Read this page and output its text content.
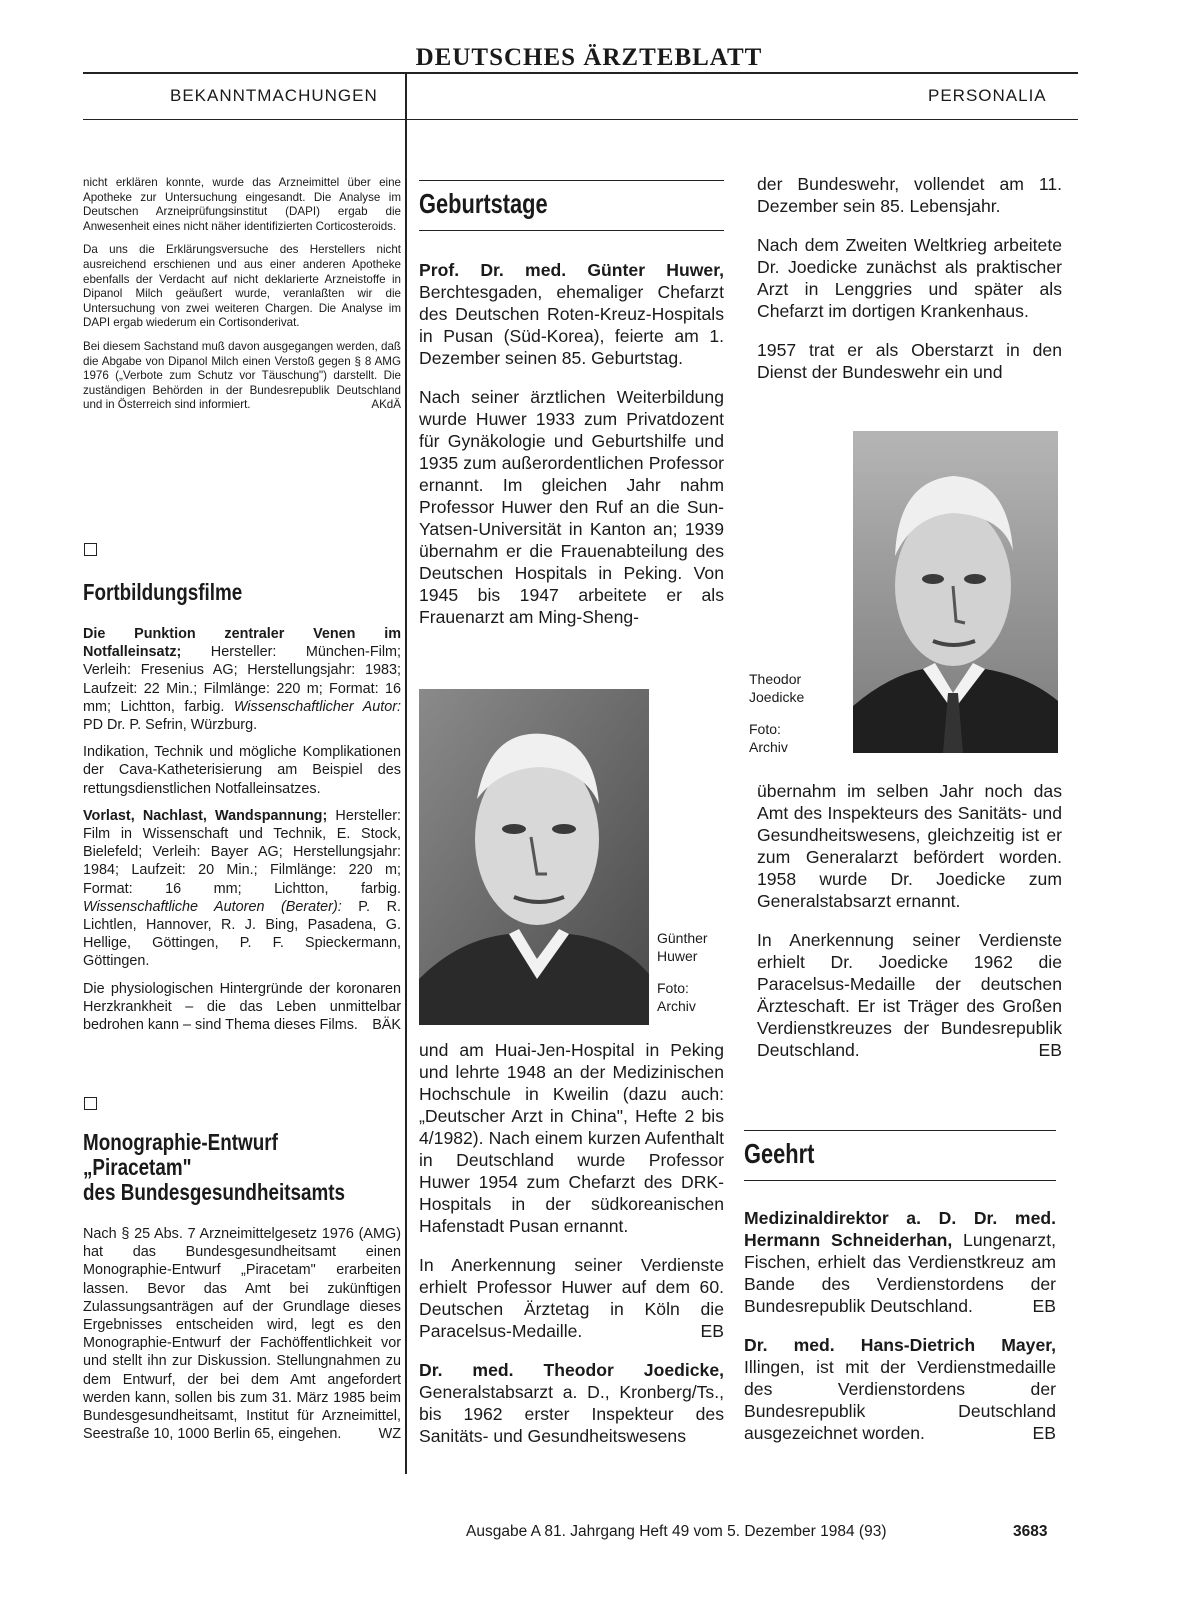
DEUTSCHES ÄRZTEBLATT
BEKANNTMACHUNGEN	PERSONALIA

nicht erklären konnte, wurde das Arzneimittel über eine Apotheke zur Untersuchung eingesandt. Die Analyse im Deutschen Arzneiprüfungsinstitut (DAPI) ergab die Anwesenheit eines nicht näher identifizierten Corticosteroids.

Da uns die Erklärungsversuche des Herstellers nicht ausreichend erschienen und aus einer anderen Apotheke ebenfalls der Verdacht auf nicht deklarierte Arzneistoffe in Dipanol Milch geäußert wurde, veranlaßten wir die Untersuchung von zwei weiteren Chargen. Die Analyse im DAPI ergab wiederum ein Cortisonderivat.

Bei diesem Sachstand muß davon ausgegangen werden, daß die Abgabe von Dipanol Milch einen Verstoß gegen § 8 AMG 1976 („Verbote zum Schutz vor Täuschung") darstellt. Die zuständigen Behörden in der Bundesrepublik Deutschland und in Österreich sind informiert.	AKdÄ

Fortbildungsfilme

Die Punktion zentraler Venen im Notfalleinsatz; Hersteller: München-Film; Verleih: Fresenius AG; Herstellungsjahr: 1983; Laufzeit: 22 Min.; Filmlänge: 220 m; Format: 16 mm; Lichtton, farbig. Wissenschaftlicher Autor: PD Dr. P. Sefrin, Würzburg.

Indikation, Technik und mögliche Komplikationen der Cava-Katheterisierung am Beispiel des rettungsdienstlichen Notfalleinsatzes.

Vorlast, Nachlast, Wandspannung; Hersteller: Film in Wissenschaft und Technik, E. Stock, Bielefeld; Verleih: Bayer AG; Herstellungsjahr: 1984; Laufzeit: 20 Min.; Filmlänge: 220 m; Format: 16 mm; Lichtton, farbig. Wissenschaftliche Autoren (Berater): P. R. Lichtlen, Hannover, R. J. Bing, Pasadena, G. Hellige, Göttingen, P. F. Spieckermann, Göttingen.

Die physiologischen Hintergründe der koronaren Herzkrankheit – die das Leben unmittelbar bedrohen kann – sind Thema dieses Films. BÄK

Monographie-Entwurf
„Piracetam"
des Bundesgesundheitsamts

Nach § 25 Abs. 7 Arzneimittelgesetz 1976 (AMG) hat das Bundesgesundheitsamt einen Monographie-Entwurf „Piracetam" erarbeiten lassen. Bevor das Amt bei zukünftigen Zulassungsanträgen auf der Grundlage dieses Ergebnisses entscheiden wird, legt es den Monographie-Entwurf der Fachöffentlichkeit vor und stellt ihn zur Diskussion. Stellungnahmen zu dem Entwurf, der bei dem Amt angefordert werden kann, sollen bis zum 31. März 1985 beim Bundesgesundheitsamt, Institut für Arzneimittel, Seestraße 10, 1000 Berlin 65, eingehen.	WZ

Geburtstage

Prof. Dr. med. Günter Huwer, Berchtesgaden, ehemaliger Chefarzt des Deutschen Roten-Kreuz-Hospitals in Pusan (Süd-Korea), feierte am 1. Dezember seinen 85. Geburtstag.

Nach seiner ärztlichen Weiterbildung wurde Huwer 1933 zum Privatdozent für Gynäkologie und Geburtshilfe und 1935 zum außerordentlichen Professor ernannt. Im gleichen Jahr nahm Professor Huwer den Ruf an die Sun-Yatsen-Universität in Kanton an; 1939 übernahm er die Frauenabteilung des Deutschen Hospitals in Peking. Von 1945 bis 1947 arbeitete er als Frauenarzt am Ming-Sheng-

Günther
Huwer
Foto:
Archiv

und am Huai-Jen-Hospital in Peking und lehrte 1948 an der Medizinischen Hochschule in Kweilin (dazu auch: „Deutscher Arzt in China", Hefte 2 bis 4/1982). Nach einem kurzen Aufenthalt in Deutschland wurde Professor Huwer 1954 zum Chefarzt des DRK-Hospitals in der südkoreanischen Hafenstadt Pusan ernannt.

In Anerkennung seiner Verdienste erhielt Professor Huwer auf dem 60. Deutschen Ärztetag in Köln die Paracelsus-Medaille.	EB

Dr. med. Theodor Joedicke, Generalstabsarzt a. D., Kronberg/Ts., bis 1962 erster Inspekteur des Sanitäts- und Gesundheitswesens

der Bundeswehr, vollendet am 11. Dezember sein 85. Lebensjahr.

Nach dem Zweiten Weltkrieg arbeitete Dr. Joedicke zunächst als praktischer Arzt in Lenggries und später als Chefarzt im dortigen Krankenhaus.

1957 trat er als Oberstarzt in den Dienst der Bundeswehr ein und

Theodor
Joedicke
Foto:
Archiv

übernahm im selben Jahr noch das Amt des Inspekteurs des Sanitäts- und Gesundheitswesens, gleichzeitig ist er zum Generalarzt befördert worden. 1958 wurde Dr. Joedicke zum Generalstabsarzt ernannt.

In Anerkennung seiner Verdienste erhielt Dr. Joedicke 1962 die Paracelsus-Medaille der deutschen Ärzteschaft. Er ist Träger des Großen Verdienstkreuzes der Bundesrepublik Deutschland.	EB

Geehrt

Medizinaldirektor a. D. Dr. med. Hermann Schneiderhan, Lungenarzt, Fischen, erhielt das Verdienstkreuz am Bande des Verdienstordens der Bundesrepublik Deutschland.	EB

Dr. med. Hans-Dietrich Mayer, Illingen, ist mit der Verdienstmedaille des Verdienstordens der Bundesrepublik Deutschland ausgezeichnet worden.	EB

Ausgabe A 81. Jahrgang Heft 49 vom 5. Dezember 1984 (93)	3683
